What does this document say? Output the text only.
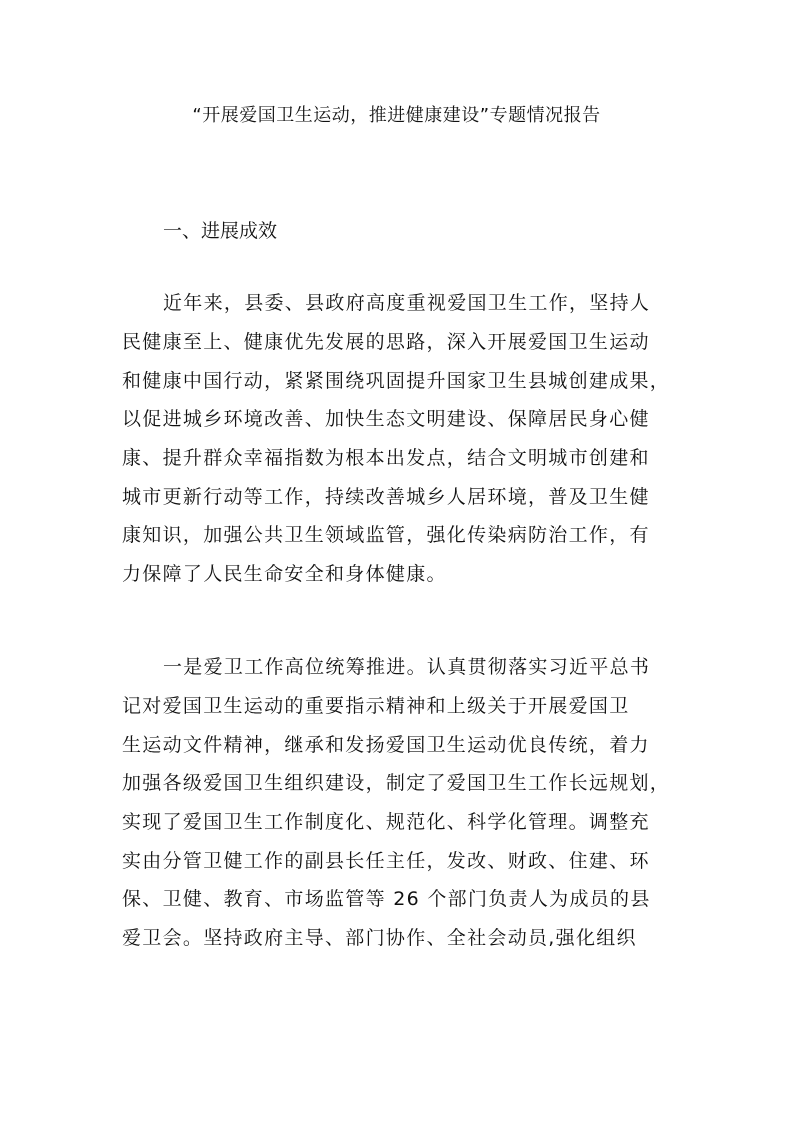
“开展爱国卫生运动，推进健康建设”专题情况报告
一、进展成效
近年来，县委、县政府高度重视爱国卫生工作，坚持人
民健康至上、健康优先发展的思路，深入开展爱国卫生运动
和健康中国行动，紧紧围绕巩固提升国家卫生县城创建成果，
以促进城乡环境改善、加快生态文明建设、保障居民身心健
康、提升群众幸福指数为根本出发点，结合文明城市创建和
城市更新行动等工作，持续改善城乡人居环境，普及卫生健
康知识，加强公共卫生领域监管，强化传染病防治工作，有
力保障了人民生命安全和身体健康。
一是爱卫工作高位统筹推进。认真贯彻落实习近平总书
记对爱国卫生运动的重要指示精神和上级关于开展爱国卫
生运动文件精神，继承和发扬爱国卫生运动优良传统，着力
加强各级爱国卫生组织建设，制定了爱国卫生工作长远规划，
实现了爱国卫生工作制度化、规范化、科学化管理。调整充
实由分管卫健工作的副县长任主任，发改、财政、住建、环
保、卫健、教育、市场监管等 26 个部门负责人为成员的县
爱卫会。坚持政府主导、部门协作、全社会动员,强化组织
